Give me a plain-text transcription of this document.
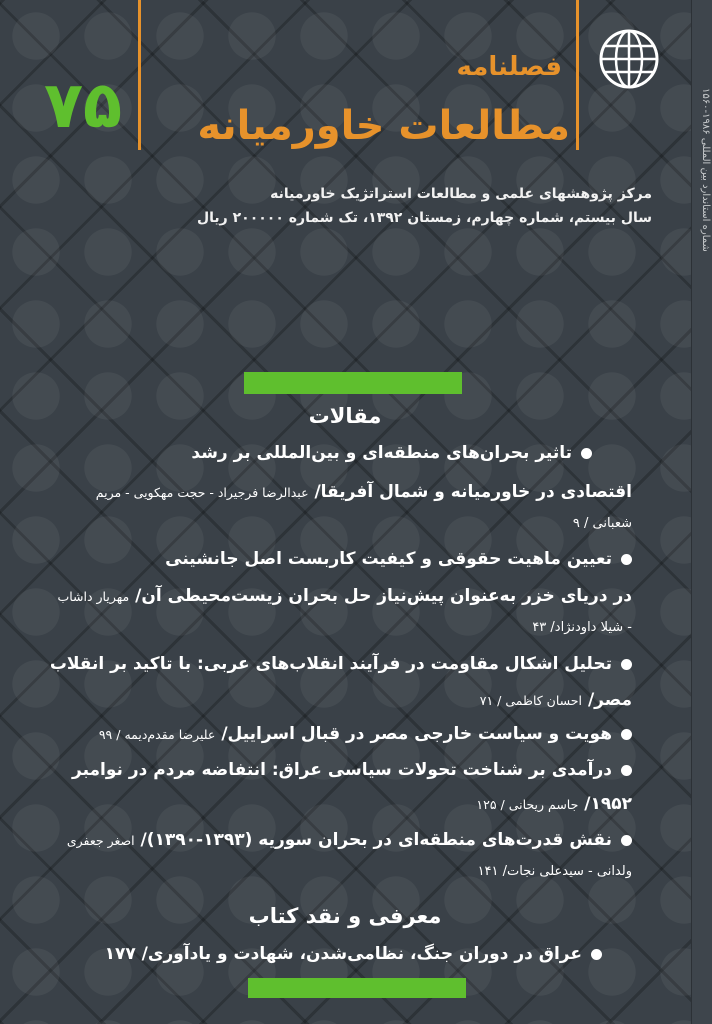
شماره استاندارد بین المللی ۱۹۸۶-۱۵۶۰
۷۵
فصلنامه
مطالعات خاورمیانه
مرکز پژوهشهای علمی و مطالعات استراتژیک خاورمیانه
سال بیستم، شماره چهارم، زمستان ۱۳۹۲، تک شماره ۲۰۰۰۰۰ ریال
مقالات
تاثیر بحران‌های منطقه‌ای و بین‌المللی بر رشد
اقتصادی در خاورمیانه و شمال آفریقا/ عبدالرضا فرجیراد - حجت مهکویی - مریم
شعبانی / ۹
تعیین ماهیت حقوقی و کیفیت کاربست اصل جانشینی
در دریای خزر به‌عنوان پیش‌نیاز حل بحران زیست‌محیطی آن/ مهریار داشاب
- شیلا داودنژاد/ ۴۳
تحلیل اشکال مقاومت در فرآیند انقلاب‌های عربی: با تاکید بر انقلاب
مصر/ احسان کاظمی / ۷۱
هویت و سیاست خارجی مصر در قبال اسراییل/ علیرضا مقدم‌دیمه / ۹۹
درآمدی بر شناخت تحولات سیاسی عراق: انتفاضه مردم در نوامبر
۱۹۵۲/ جاسم ریحانی / ۱۲۵
نقش قدرت‌های منطقه‌ای در بحران سوریه (۱۳۹۳-۱۳۹۰)/ اصغر جعفری
ولدانی - سیدعلی نجات/ ۱۴۱
معرفی و نقد کتاب
عراق در دوران جنگ، نظامی‌شدن، شهادت و یادآوری/ ۱۷۷
